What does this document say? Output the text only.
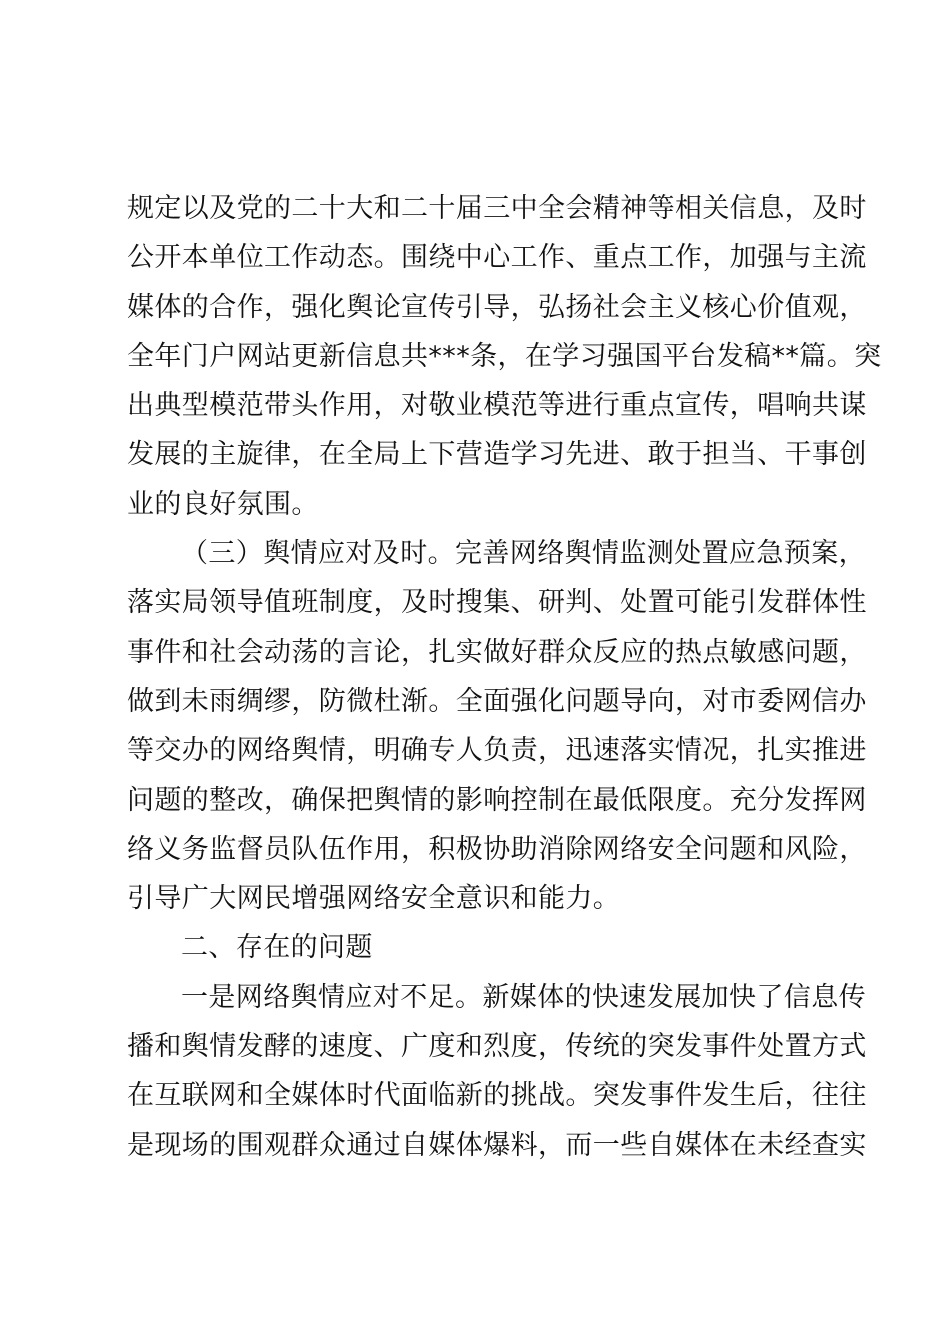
规定以及党的二十大和二十届三中全会精神等相关信息，及时
公开本单位工作动态。围绕中心工作、重点工作，加强与主流
媒体的合作，强化舆论宣传引导，弘扬社会主义核心价值观，
全年门户网站更新信息共***条，在学习强国平台发稿**篇。突
出典型模范带头作用，对敬业模范等进行重点宣传，唱响共谋
发展的主旋律，在全局上下营造学习先进、敢于担当、干事创
业的良好氛围。
（三）舆情应对及时。完善网络舆情监测处置应急预案，
落实局领导值班制度，及时搜集、研判、处置可能引发群体性
事件和社会动荡的言论，扎实做好群众反应的热点敏感问题，
做到未雨绸缪，防微杜渐。全面强化问题导向，对市委网信办
等交办的网络舆情，明确专人负责，迅速落实情况，扎实推进
问题的整改，确保把舆情的影响控制在最低限度。充分发挥网
络义务监督员队伍作用，积极协助消除网络安全问题和风险，
引导广大网民增强网络安全意识和能力。
二、存在的问题
一是网络舆情应对不足。新媒体的快速发展加快了信息传
播和舆情发酵的速度、广度和烈度，传统的突发事件处置方式
在互联网和全媒体时代面临新的挑战。突发事件发生后，往往
是现场的围观群众通过自媒体爆料，而一些自媒体在未经查实
